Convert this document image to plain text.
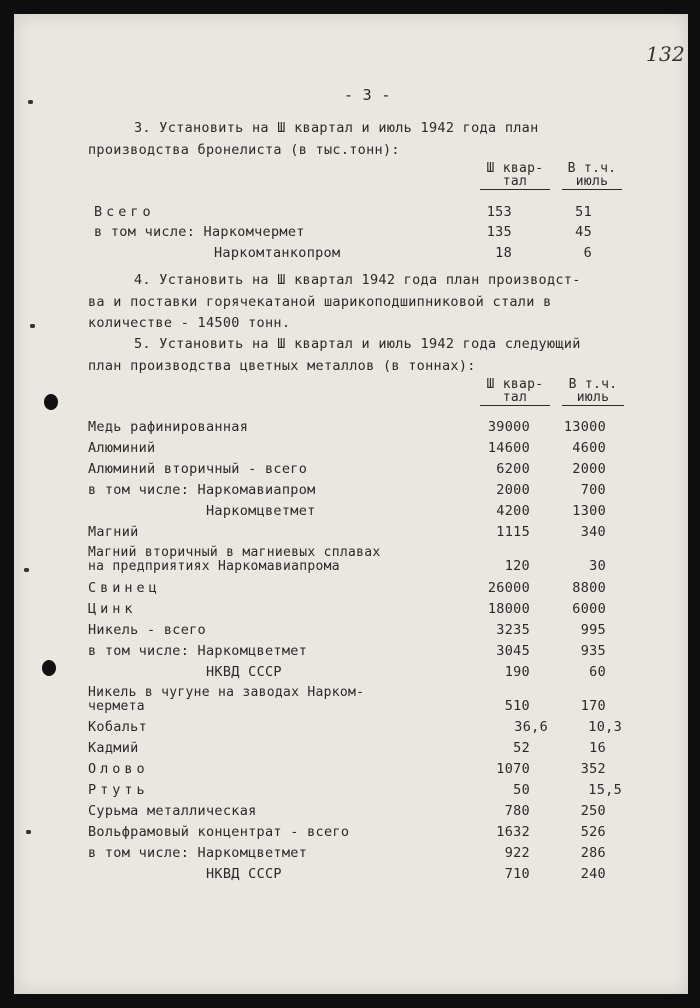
132
- 3 -
3. Установить на Ш квартал и июль 1942 года план
производства бронелиста (в тыс.тонн):
Ш квар-
тал
В т.ч.
июль
Всего	153	51
в том числе: Наркомчермет	135	45
Наркомтанкопром	18	6
4. Установить на Ш квартал 1942 года план производст-
ва и поставки горячекатаной шарикоподшипниковой стали в
количестве - 14500 тонн.
5. Установить на Ш квартал и июль 1942 года следующий
план производства цветных металлов (в тоннах):
Ш квар-
тал
В т.ч.
июль
Медь рафинированная	39000	13000
Алюминий	14600	4600
Алюминий вторичный - всего	6200	2000
в том числе: Наркомавиапром	2000	700
Наркомцветмет	4200	1300
Магний	1115	340
Магний вторичный в магниевых сплавах
на предприятиях Наркомавиапрома	120	30
Свинец	26000	8800
Цинк	18000	6000
Никель - всего	3235	995
в том числе: Наркомцветмет	3045	935
НКВД СССР	190	60
Никель в чугуне на заводах Нарком-
чермета	510	170
Кобальт	36,6	10,3
Кадмий	52	16
Олово	1070	352
Ртуть	50	15,5
Сурьма металлическая	780	250
Вольфрамовый концентрат - всего	1632	526
в том числе: Наркомцветмет	922	286
НКВД СССР	710	240
